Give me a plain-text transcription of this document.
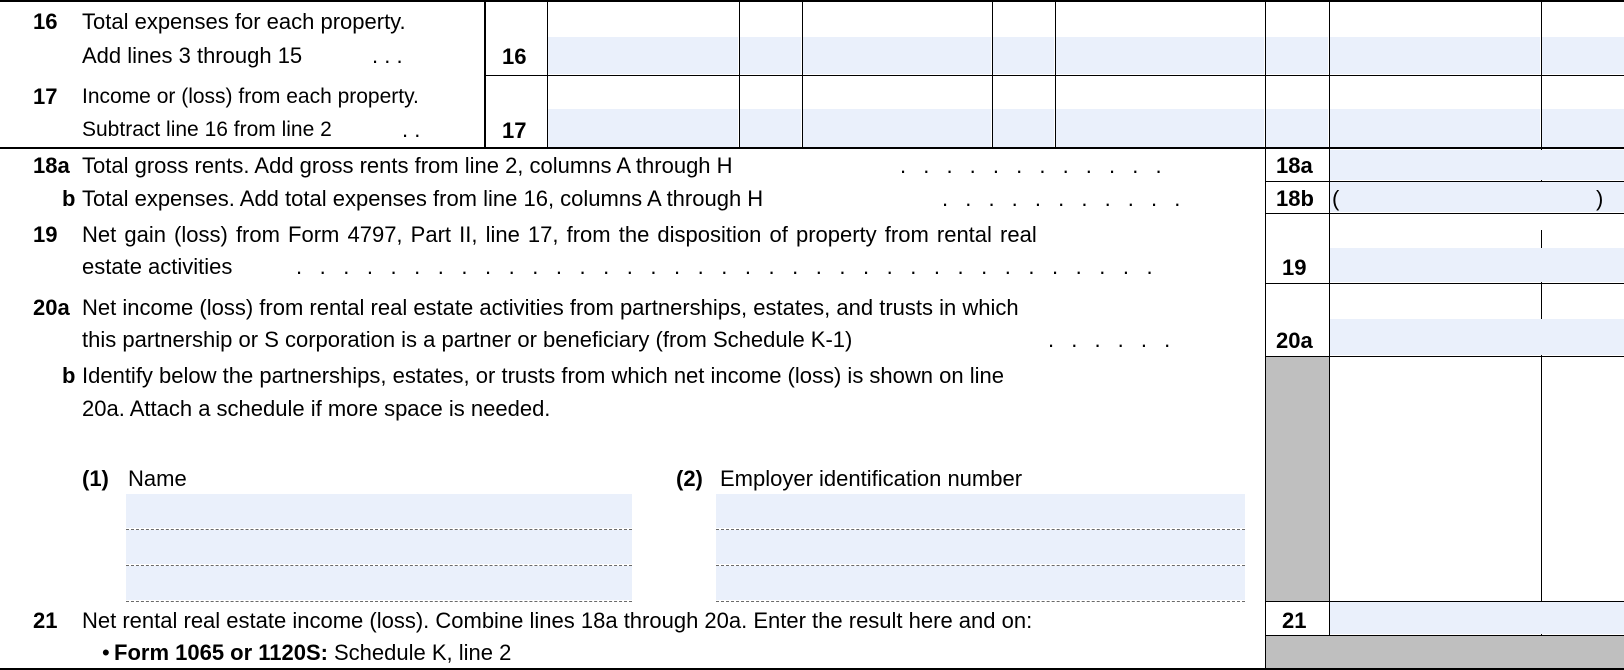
16 Total expenses for each property.
Add lines 3 through 15	. . .	16
17 Income or (loss) from each property.
Subtract line 16 from line 2	. .	17
18a Total gross rents. Add gross rents from line 2, columns A through H	. . . . . . . . . . . .	18a
b Total expenses. Add total expenses from line 16, columns A through H	. . . . . . . . . . .	18b (	)
19 Net gain (loss) from Form 4797, Part II, line 17, from the disposition of property from rental real
estate activities	. . . . . . . . . . . . . . . . . . . . . . . . . . . . . . . . . . . . .	19
20a Net income (loss) from rental real estate activities from partnerships, estates, and trusts in which
this partnership or S corporation is a partner or beneficiary (from Schedule K-1)	. . . . . .	20a
b Identify below the partnerships, estates, or trusts from which net income (loss) is shown on line
20a. Attach a schedule if more space is needed.
(1) Name	(2) Employer identification number
21 Net rental real estate income (loss). Combine lines 18a through 20a. Enter the result here and on:	21
• Form 1065 or 1120S: Schedule K, line 2
